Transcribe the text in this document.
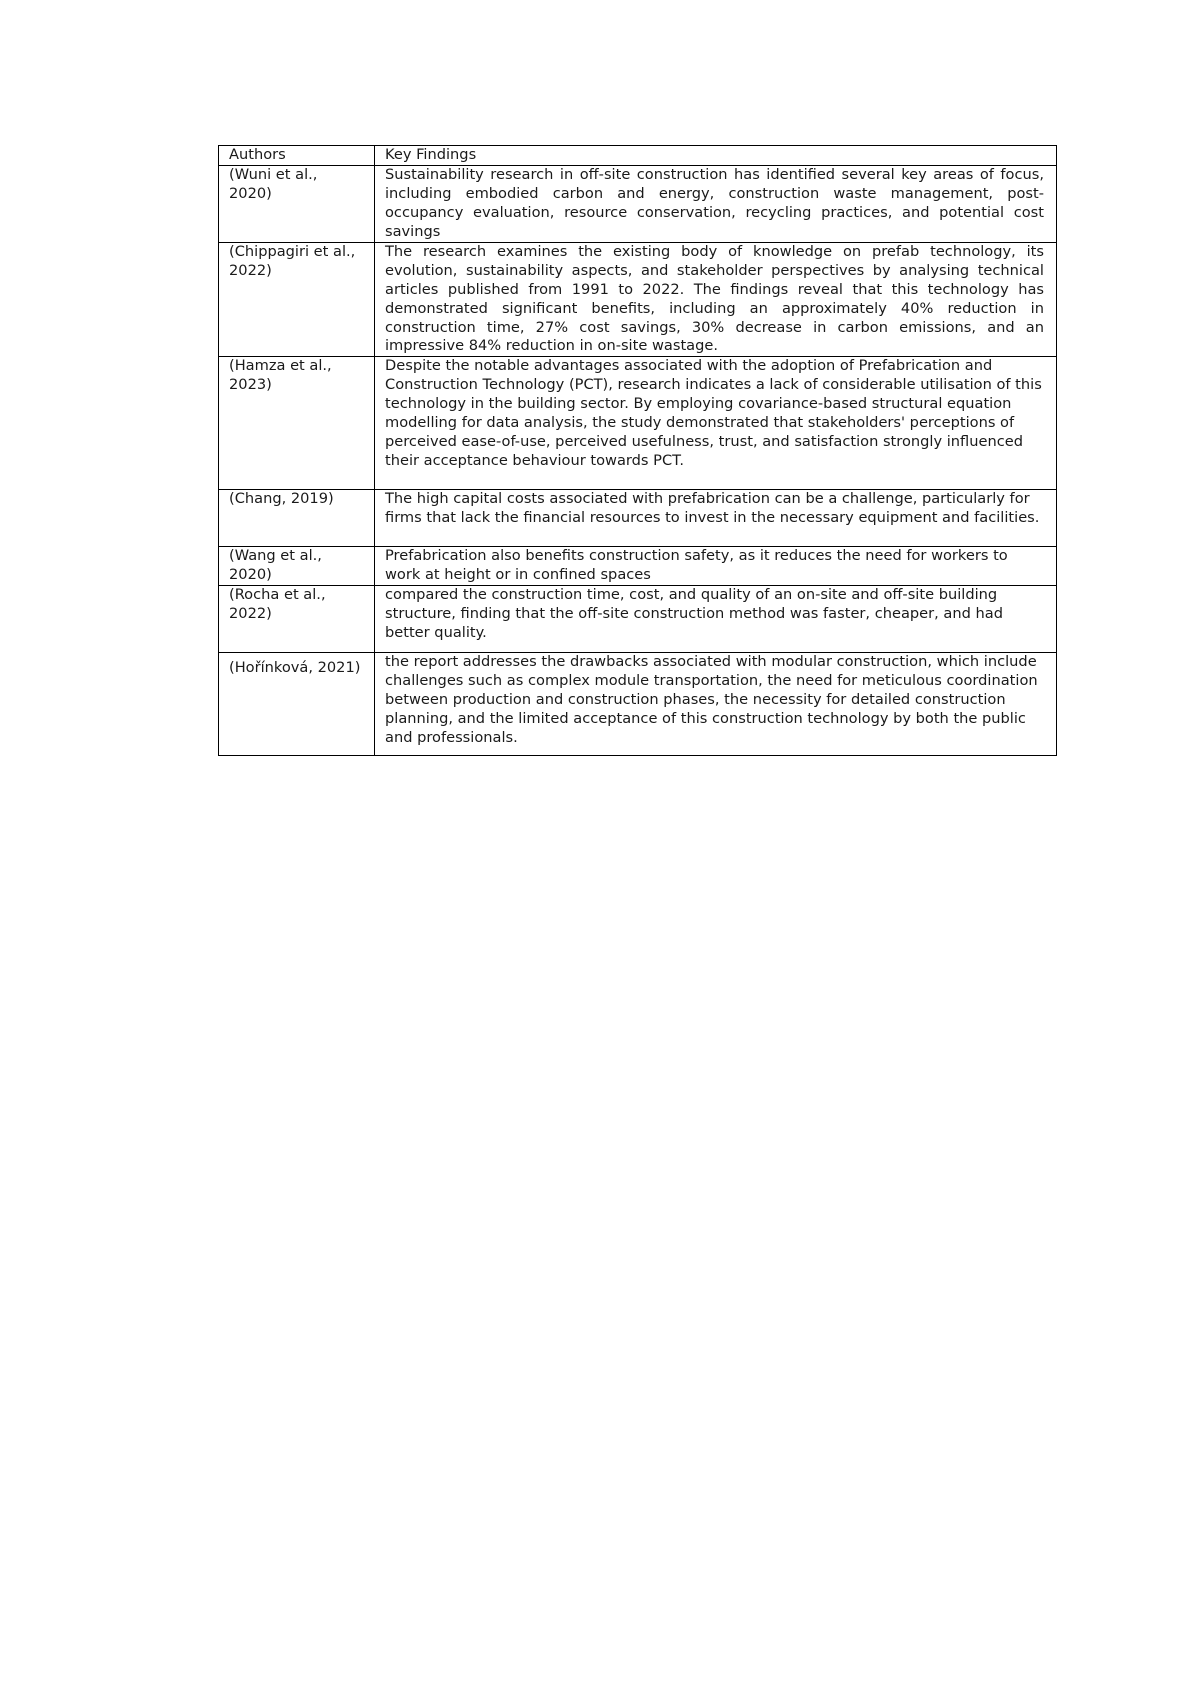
Authors	Key Findings
(Wuni et al., 2020)	Sustainability research in off-site construction has identified several key areas of focus, including embodied carbon and energy, construction waste management, post-occupancy evaluation, resource conservation, recycling practices, and potential cost savings
(Chippagiri et al., 2022)	The research examines the existing body of knowledge on prefab technology, its evolution, sustainability aspects, and stakeholder perspectives by analysing technical articles published from 1991 to 2022. The findings reveal that this technology has demonstrated significant benefits, including an approximately 40% reduction in construction time, 27% cost savings, 30% decrease in carbon emissions, and an impressive 84% reduction in on-site wastage.
(Hamza et al., 2023)	Despite the notable advantages associated with the adoption of Prefabrication and Construction Technology (PCT), research indicates a lack of considerable utilisation of this technology in the building sector. By employing covariance-based structural equation modelling for data analysis, the study demonstrated that stakeholders' perceptions of perceived ease-of-use, perceived usefulness, trust, and satisfaction strongly influenced their acceptance behaviour towards PCT.
(Chang, 2019)	The high capital costs associated with prefabrication can be a challenge, particularly for firms that lack the financial resources to invest in the necessary equipment and facilities.
(Wang et al., 2020)	Prefabrication also benefits construction safety, as it reduces the need for workers to work at height or in confined spaces
(Rocha et al., 2022)	compared the construction time, cost, and quality of an on-site and off-site building structure, finding that the off-site construction method was faster, cheaper, and had better quality.
(Hořínková, 2021)	the report addresses the drawbacks associated with modular construction, which include challenges such as complex module transportation, the need for meticulous coordination between production and construction phases, the necessity for detailed construction planning, and the limited acceptance of this construction technology by both the public and professionals.
